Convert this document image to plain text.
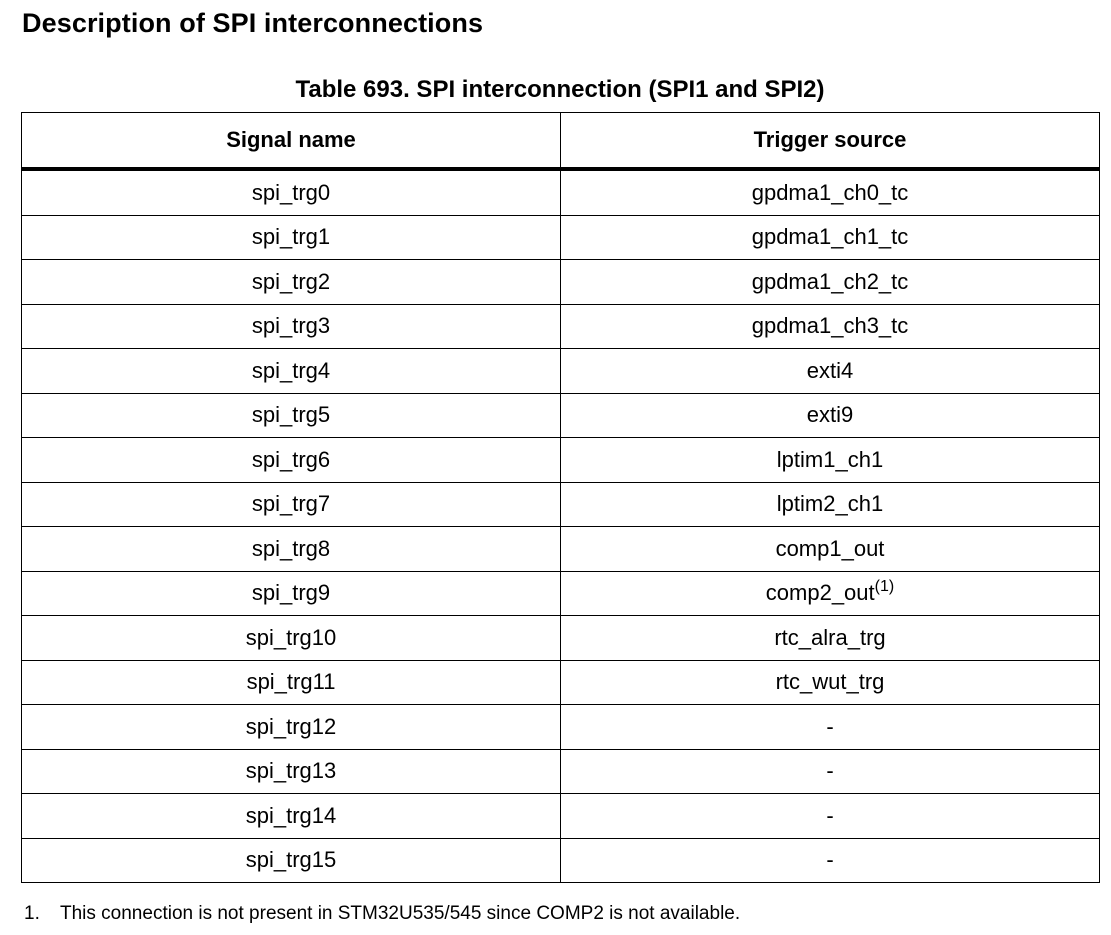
Description of SPI interconnections
Table 693. SPI interconnection (SPI1 and SPI2)
Signal name	Trigger source
spi_trg0	gpdma1_ch0_tc
spi_trg1	gpdma1_ch1_tc
spi_trg2	gpdma1_ch2_tc
spi_trg3	gpdma1_ch3_tc
spi_trg4	exti4
spi_trg5	exti9
spi_trg6	lptim1_ch1
spi_trg7	lptim2_ch1
spi_trg8	comp1_out
spi_trg9	comp2_out$^{(1)}$
spi_trg10	rtc_alra_trg
spi_trg11	rtc_wut_trg
spi_trg12	-
spi_trg13	-
spi_trg14	-
spi_trg15	-
1. This connection is not present in STM32U535/545 since COMP2 is not available.
